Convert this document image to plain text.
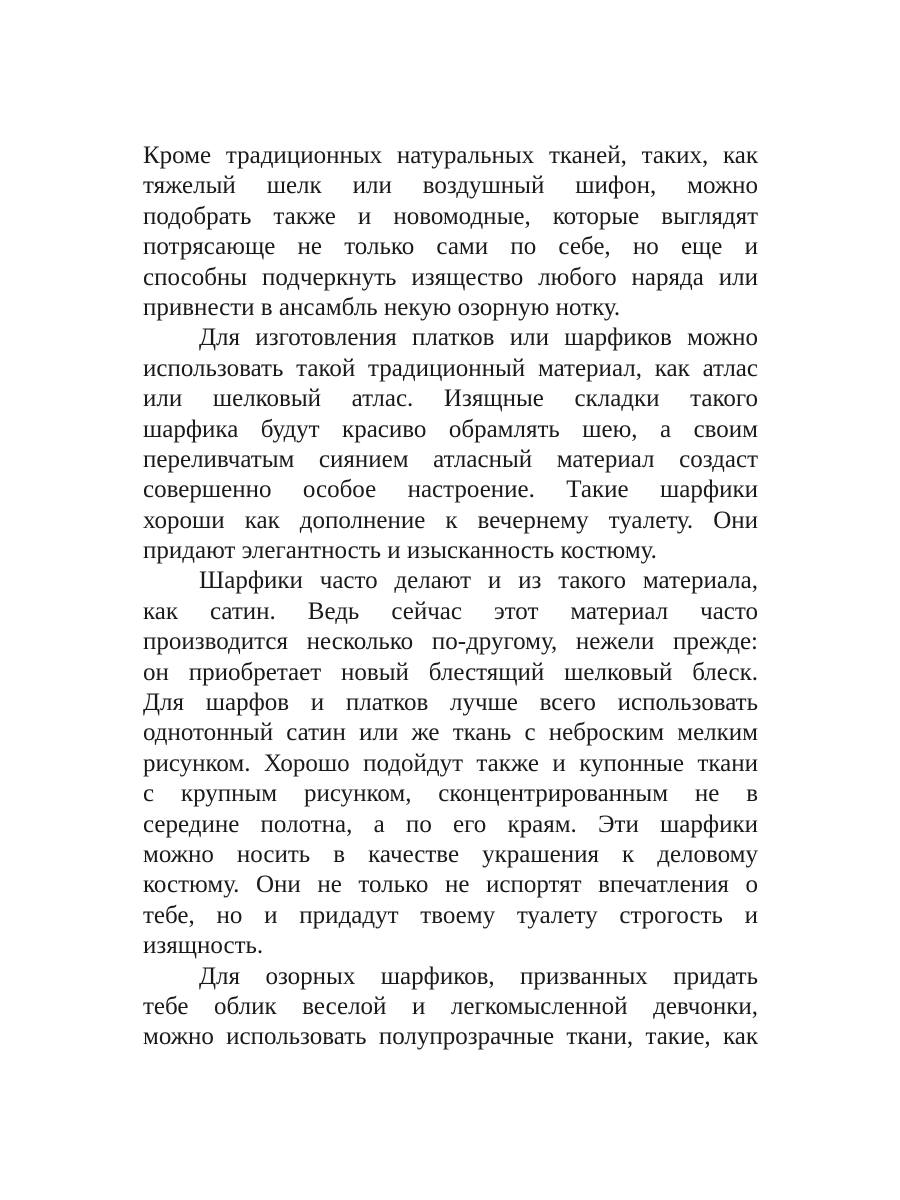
Кроме традиционных натуральных тканей, таких, как
тяжелый шелк или воздушный шифон, можно
подобрать также и новомодные, которые выглядят
потрясающе не только сами по себе, но еще и
способны подчеркнуть изящество любого наряда или
привнести в ансамбль некую озорную нотку.
Для изготовления платков или шарфиков можно
использовать такой традиционный материал, как атлас
или шелковый атлас. Изящные складки такого
шарфика будут красиво обрамлять шею, а своим
переливчатым сиянием атласный материал создаст
совершенно особое настроение. Такие шарфики
хороши как дополнение к вечернему туалету. Они
придают элегантность и изысканность костюму.
Шарфики часто делают и из такого материала,
как сатин. Ведь сейчас этот материал часто
производится несколько по-другому, нежели прежде:
он приобретает новый блестящий шелковый блеск.
Для шарфов и платков лучше всего использовать
однотонный сатин или же ткань с неброским мелким
рисунком. Хорошо подойдут также и купонные ткани
с крупным рисунком, сконцентрированным не в
середине полотна, а по его краям. Эти шарфики
можно носить в качестве украшения к деловому
костюму. Они не только не испортят впечатления о
тебе, но и придадут твоему туалету строгость и
изящность.
Для озорных шарфиков, призванных придать
тебе облик веселой и легкомысленной девчонки,
можно использовать полупрозрачные ткани, такие, как
